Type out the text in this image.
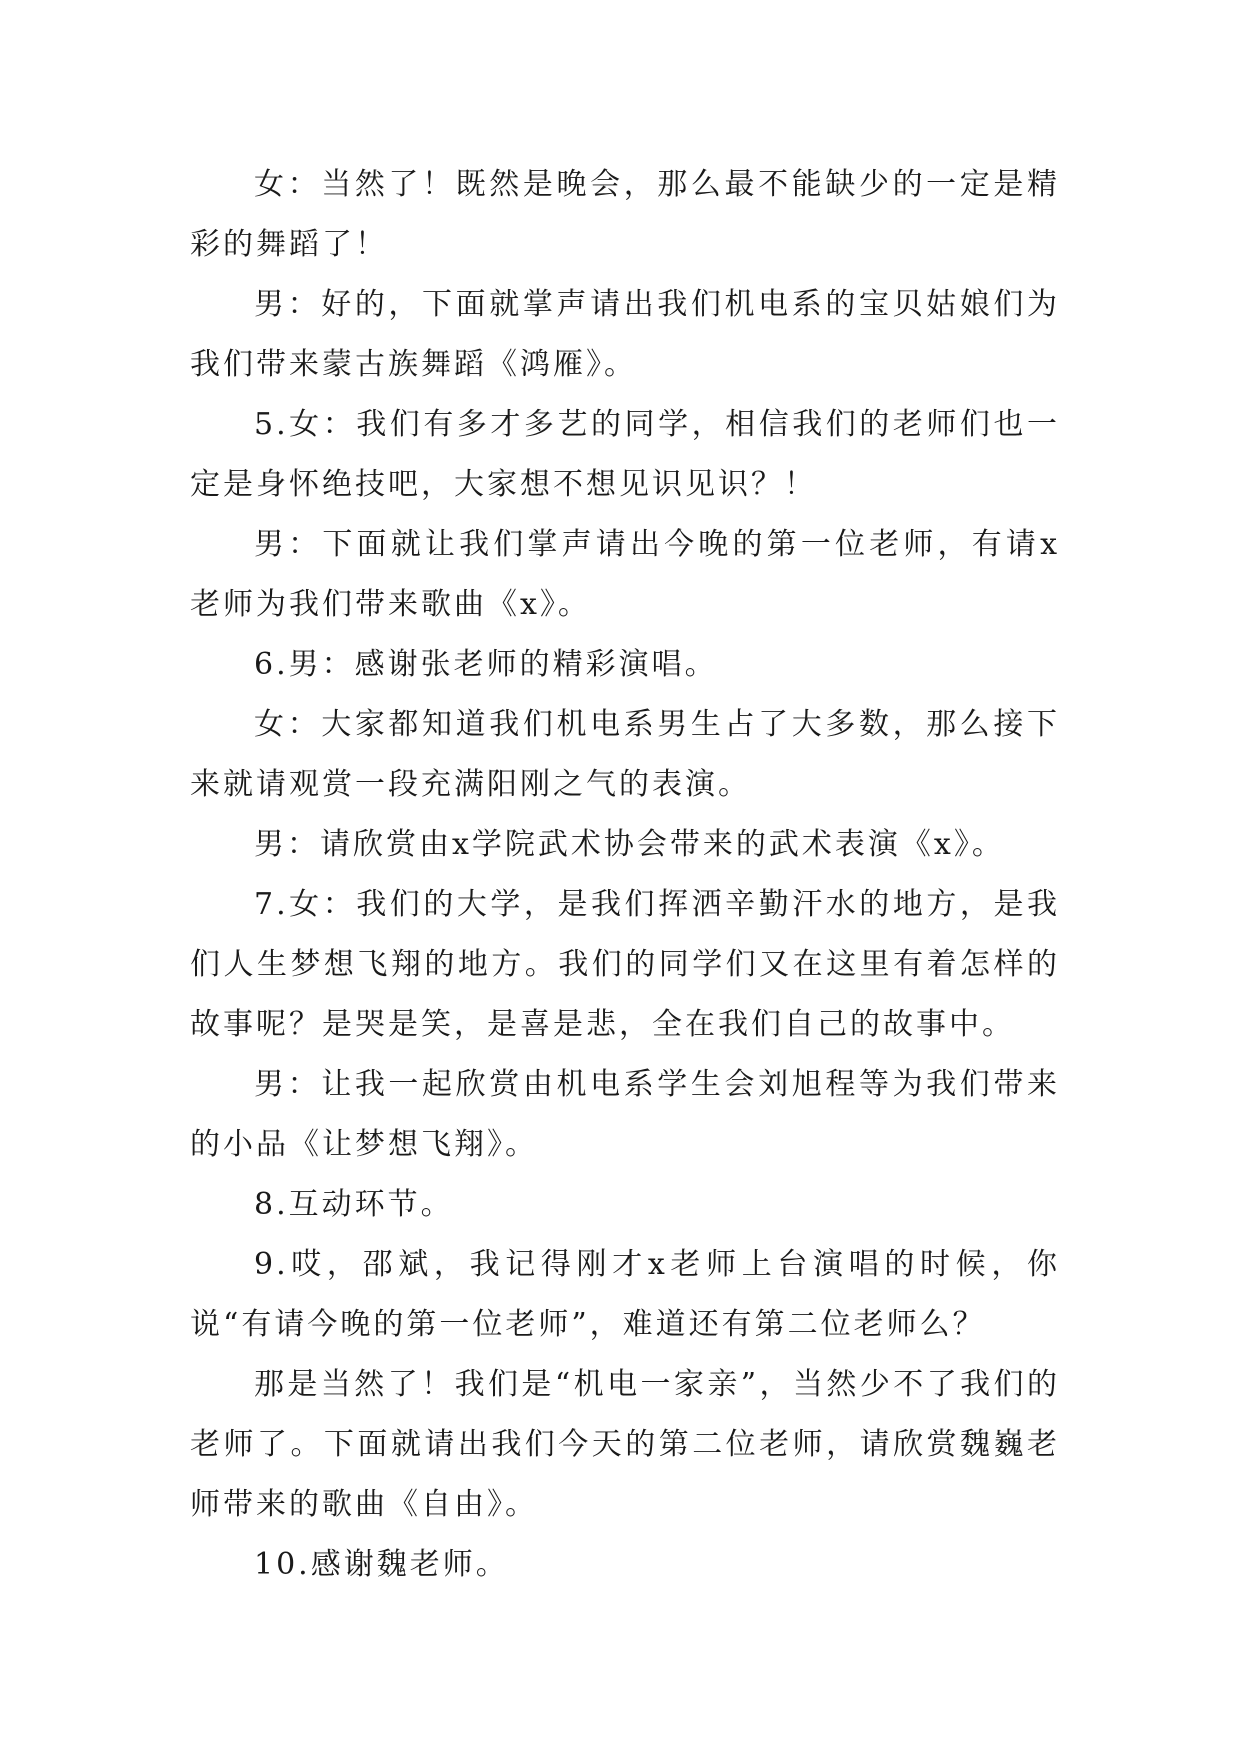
女：当然了！既然是晚会，那么最不能缺少的一定是精彩的舞蹈了！

男：好的，下面就掌声请出我们机电系的宝贝姑娘们为我们带来蒙古族舞蹈《鸿雁》。

5.女：我们有多才多艺的同学，相信我们的老师们也一定是身怀绝技吧，大家想不想见识见识？！

男：下面就让我们掌声请出今晚的第一位老师，有请x老师为我们带来歌曲《x》。

6.男：感谢张老师的精彩演唱。

女：大家都知道我们机电系男生占了大多数，那么接下来就请观赏一段充满阳刚之气的表演。

男：请欣赏由x学院武术协会带来的武术表演《x》。

7.女：我们的大学，是我们挥洒辛勤汗水的地方，是我们人生梦想飞翔的地方。我们的同学们又在这里有着怎样的故事呢？是哭是笑，是喜是悲，全在我们自己的故事中。

男：让我一起欣赏由机电系学生会刘旭程等为我们带来的小品《让梦想飞翔》。

8.互动环节。

9.哎，邵斌，我记得刚才x老师上台演唱的时候，你说“有请今晚的第一位老师”，难道还有第二位老师么？

那是当然了！我们是“机电一家亲”，当然少不了我们的老师了。下面就请出我们今天的第二位老师，请欣赏魏巍老师带来的歌曲《自由》。

10.感谢魏老师。
